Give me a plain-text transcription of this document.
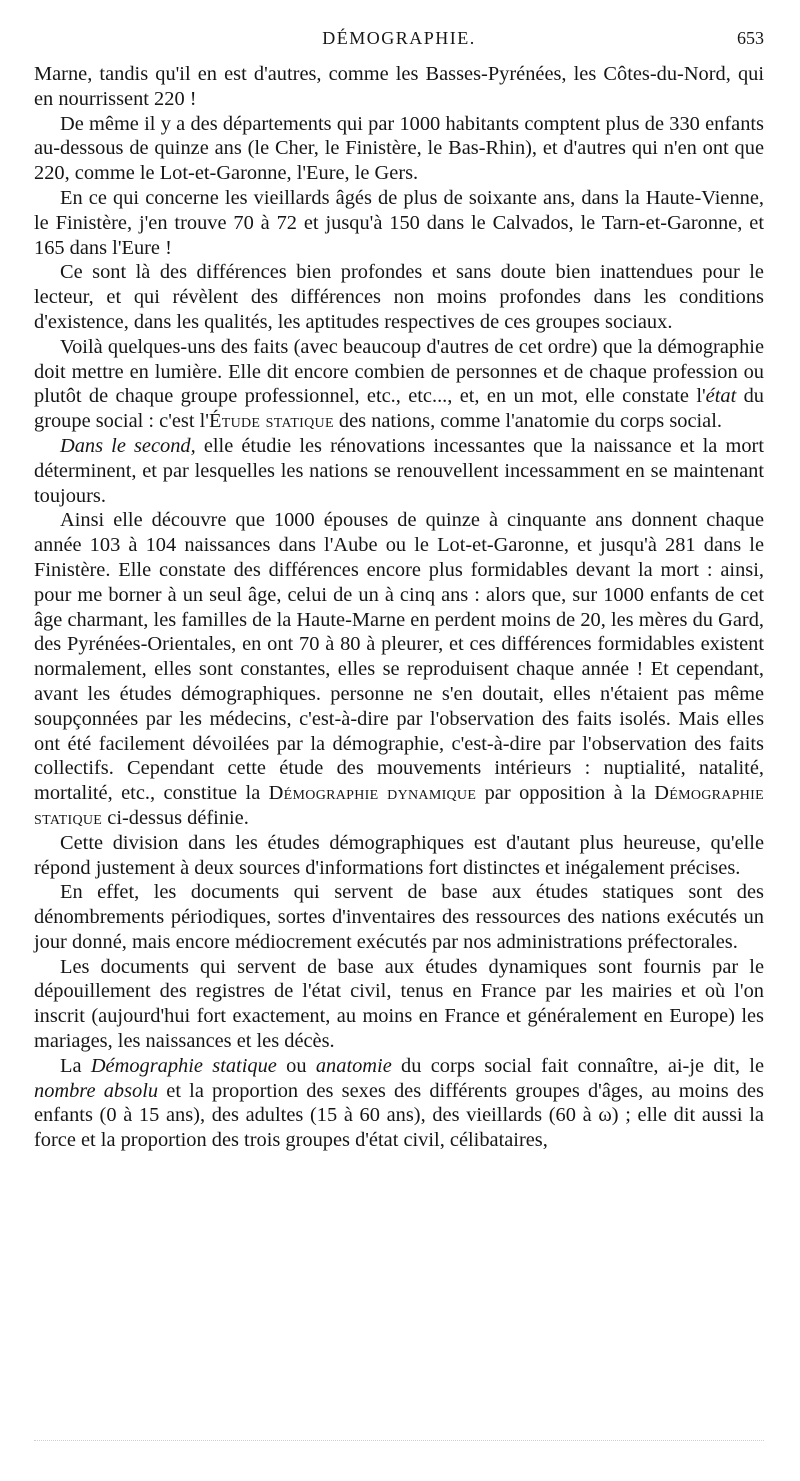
DÉMOGRAPHIE.	653

Marne, tandis qu'il en est d'autres, comme les Basses-Pyrénées, les Côtes-du-Nord, qui en nourrissent 220 !

De même il y a des départements qui par 1000 habitants comptent plus de 330 enfants au-dessous de quinze ans (le Cher, le Finistère, le Bas-Rhin), et d'autres qui n'en ont que 220, comme le Lot-et-Garonne, l'Eure, le Gers.

En ce qui concerne les vieillards âgés de plus de soixante ans, dans la Haute-Vienne, le Finistère, j'en trouve 70 à 72 et jusqu'à 150 dans le Calvados, le Tarn-et-Garonne, et 165 dans l'Eure !

Ce sont là des différences bien profondes et sans doute bien inattendues pour le lecteur, et qui révèlent des différences non moins profondes dans les conditions d'existence, dans les qualités, les aptitudes respectives de ces groupes sociaux.

Voilà quelques-uns des faits (avec beaucoup d'autres de cet ordre) que la démographie doit mettre en lumière. Elle dit encore combien de personnes et de chaque profession ou plutôt de chaque groupe professionnel, etc., etc..., et, en un mot, elle constate l'état du groupe social : c'est l'Étude statique des nations, comme l'anatomie du corps social.

Dans le second, elle étudie les rénovations incessantes que la naissance et la mort déterminent, et par lesquelles les nations se renouvellent incessamment en se maintenant toujours.

Ainsi elle découvre que 1000 épouses de quinze à cinquante ans donnent chaque année 103 à 104 naissances dans l'Aube ou le Lot-et-Garonne, et jusqu'à 281 dans le Finistère. Elle constate des différences encore plus formidables devant la mort : ainsi, pour me borner à un seul âge, celui de un à cinq ans : alors que, sur 1000 enfants de cet âge charmant, les familles de la Haute-Marne en perdent moins de 20, les mères du Gard, des Pyrénées-Orientales, en ont 70 à 80 à pleurer, et ces différences formidables existent normalement, elles sont constantes, elles se reproduisent chaque année ! Et cependant, avant les études démographiques. personne ne s'en doutait, elles n'étaient pas même soupçonnées par les médecins, c'est-à-dire par l'observation des faits isolés. Mais elles ont été facilement dévoilées par la démographie, c'est-à-dire par l'observation des faits collectifs. Cependant cette étude des mouvements intérieurs : nuptialité, natalité, mortalité, etc., constitue la Démographie dynamique par opposition à la Démographie statique ci-dessus définie.

Cette division dans les études démographiques est d'autant plus heureuse, qu'elle répond justement à deux sources d'informations fort distinctes et inégalement précises.

En effet, les documents qui servent de base aux études statiques sont des dénombrements périodiques, sortes d'inventaires des ressources des nations exécutés un jour donné, mais encore médiocrement exécutés par nos administrations préfectorales.

Les documents qui servent de base aux études dynamiques sont fournis par le dépouillement des registres de l'état civil, tenus en France par les mairies et où l'on inscrit (aujourd'hui fort exactement, au moins en France et généralement en Europe) les mariages, les naissances et les décès.

La Démographie statique ou anatomie du corps social fait connaître, ai-je dit, le nombre absolu et la proportion des sexes des différents groupes d'âges, au moins des enfants (0 à 15 ans), des adultes (15 à 60 ans), des vieillards (60 à ω) ; elle dit aussi la force et la proportion des trois groupes d'état civil, célibataires,
